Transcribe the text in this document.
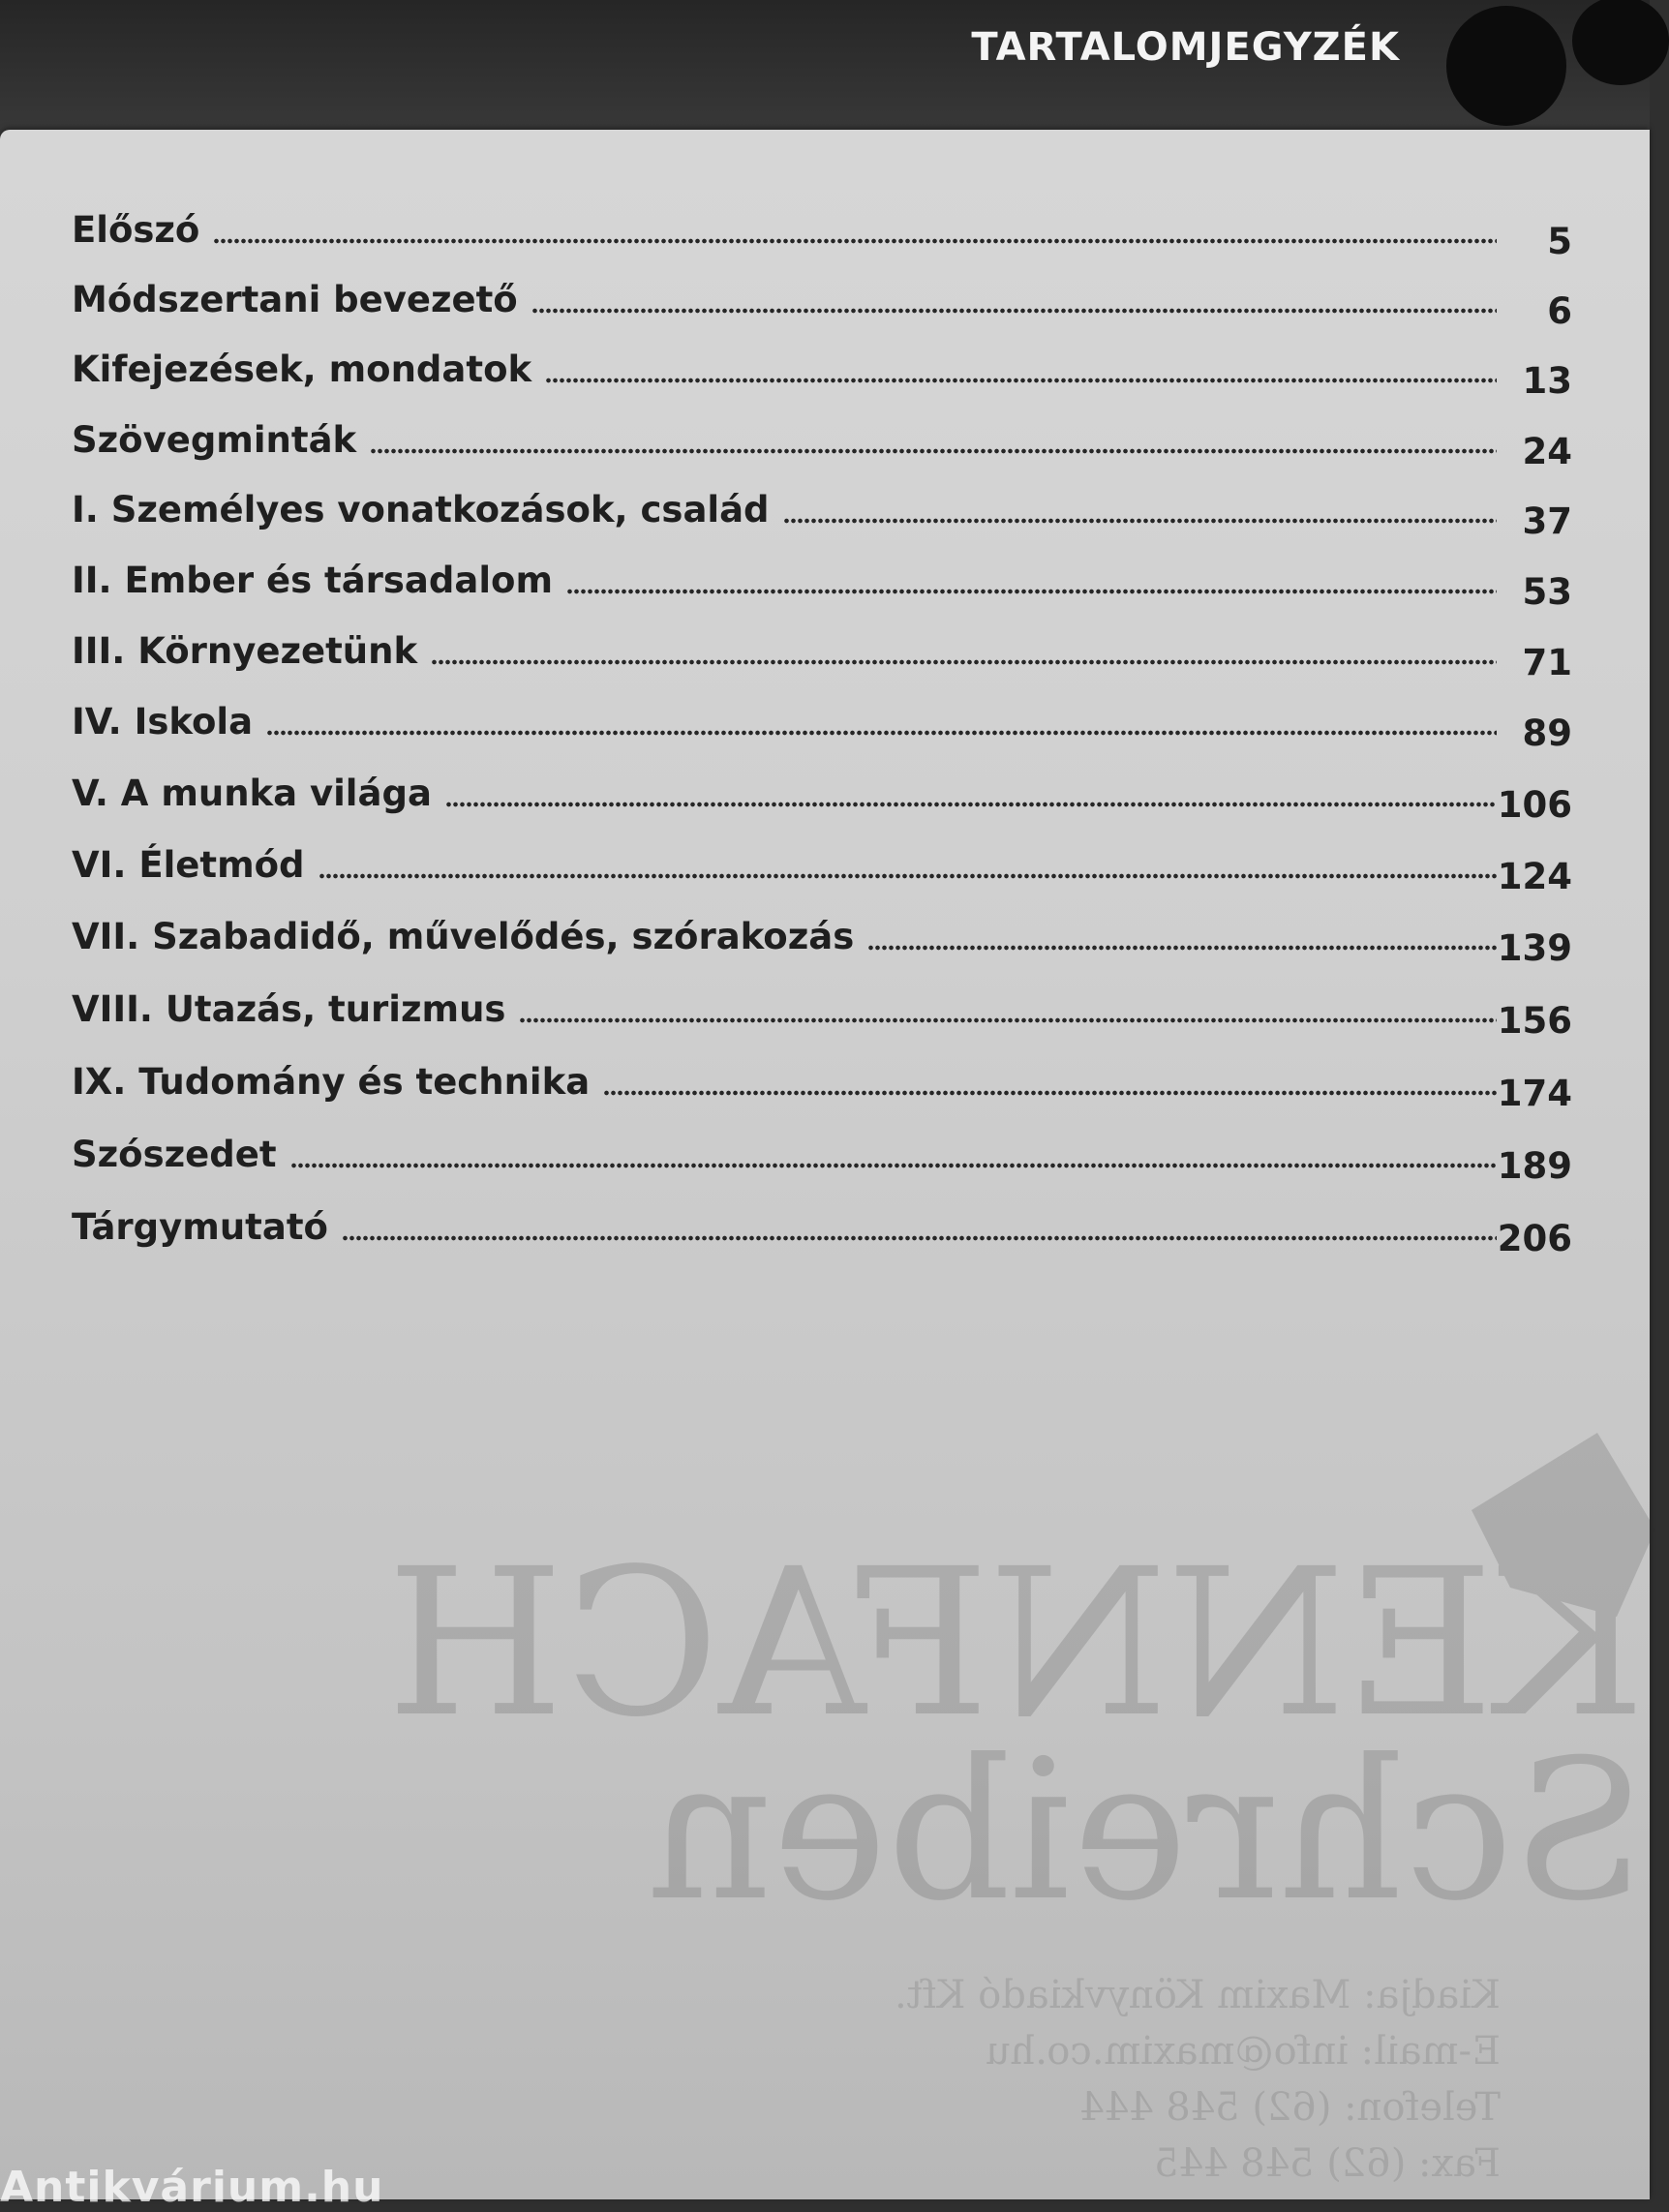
TARTALOMJEGYZÉK
Előszó	5
Módszertani bevezető	6
Kifejezések, mondatok	13
Szövegminták	24
I. Személyes vonatkozások, család	37
II. Ember és társadalom	53
III. Környezetünk	71
IV. Iskola	89
V. A munka világa	106
VI. Életmód	124
VII. Szabadidő, művelődés, szórakozás	139
VIII. Utazás, turizmus	156
IX. Tudomány és technika	174
Szószedet	189
Tárgymutató	206
KENNFACH
Schreiben
Kiadja: Maxim Könyvkiadó Kft.
E-mail: info@maxim.co.hu
Telefon: (62) 548 444
Fax: (62) 548 445
Antikvárium.hu
